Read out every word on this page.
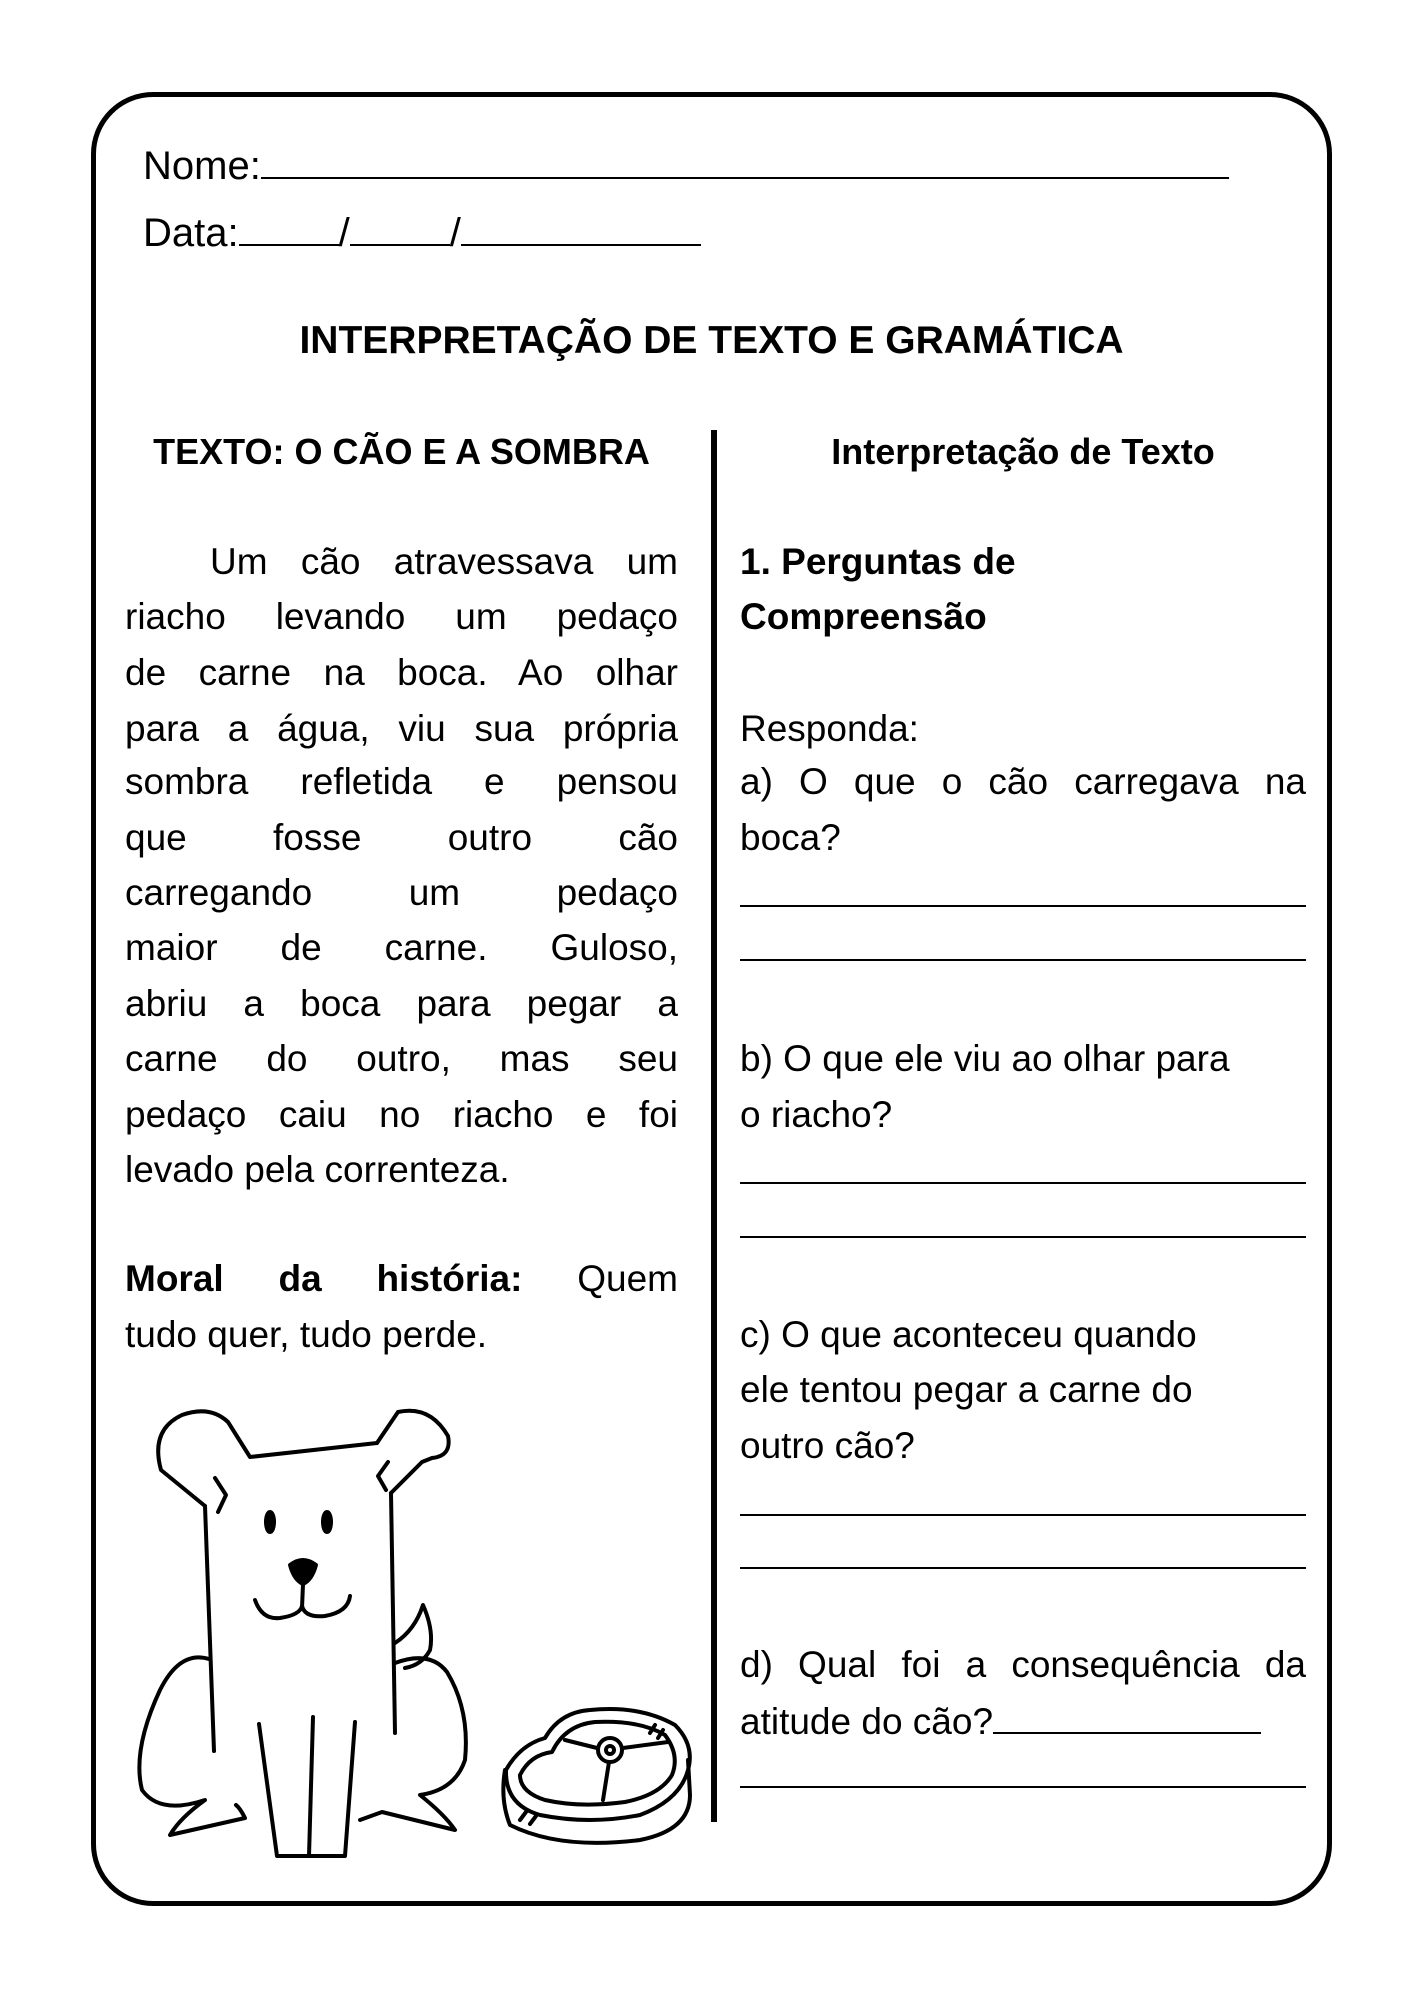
Nome:
Data:	/	/
INTERPRETAÇÃO DE TEXTO E GRAMÁTICA
TEXTO: O CÃO E A SOMBRA	Interpretação de Texto
Um cão atravessava um
riacho levando um pedaço
de carne na boca. Ao olhar
para a água, viu sua própria
sombra refletida e pensou
que fosse outro cão
carregando um pedaço
maior de carne. Guloso,
abriu a boca para pegar a
carne do outro, mas seu
pedaço caiu no riacho e foi
levado pela correnteza.
Moral da história: Quem
tudo quer, tudo perde.
1. Perguntas de
Compreensão
Responda:
a) O que o cão carregava na
boca?
b) O que ele viu ao olhar para
o riacho?
c) O que aconteceu quando
ele tentou pegar a carne do
outro cão?
d) Qual foi a consequência da
atitude do cão?
